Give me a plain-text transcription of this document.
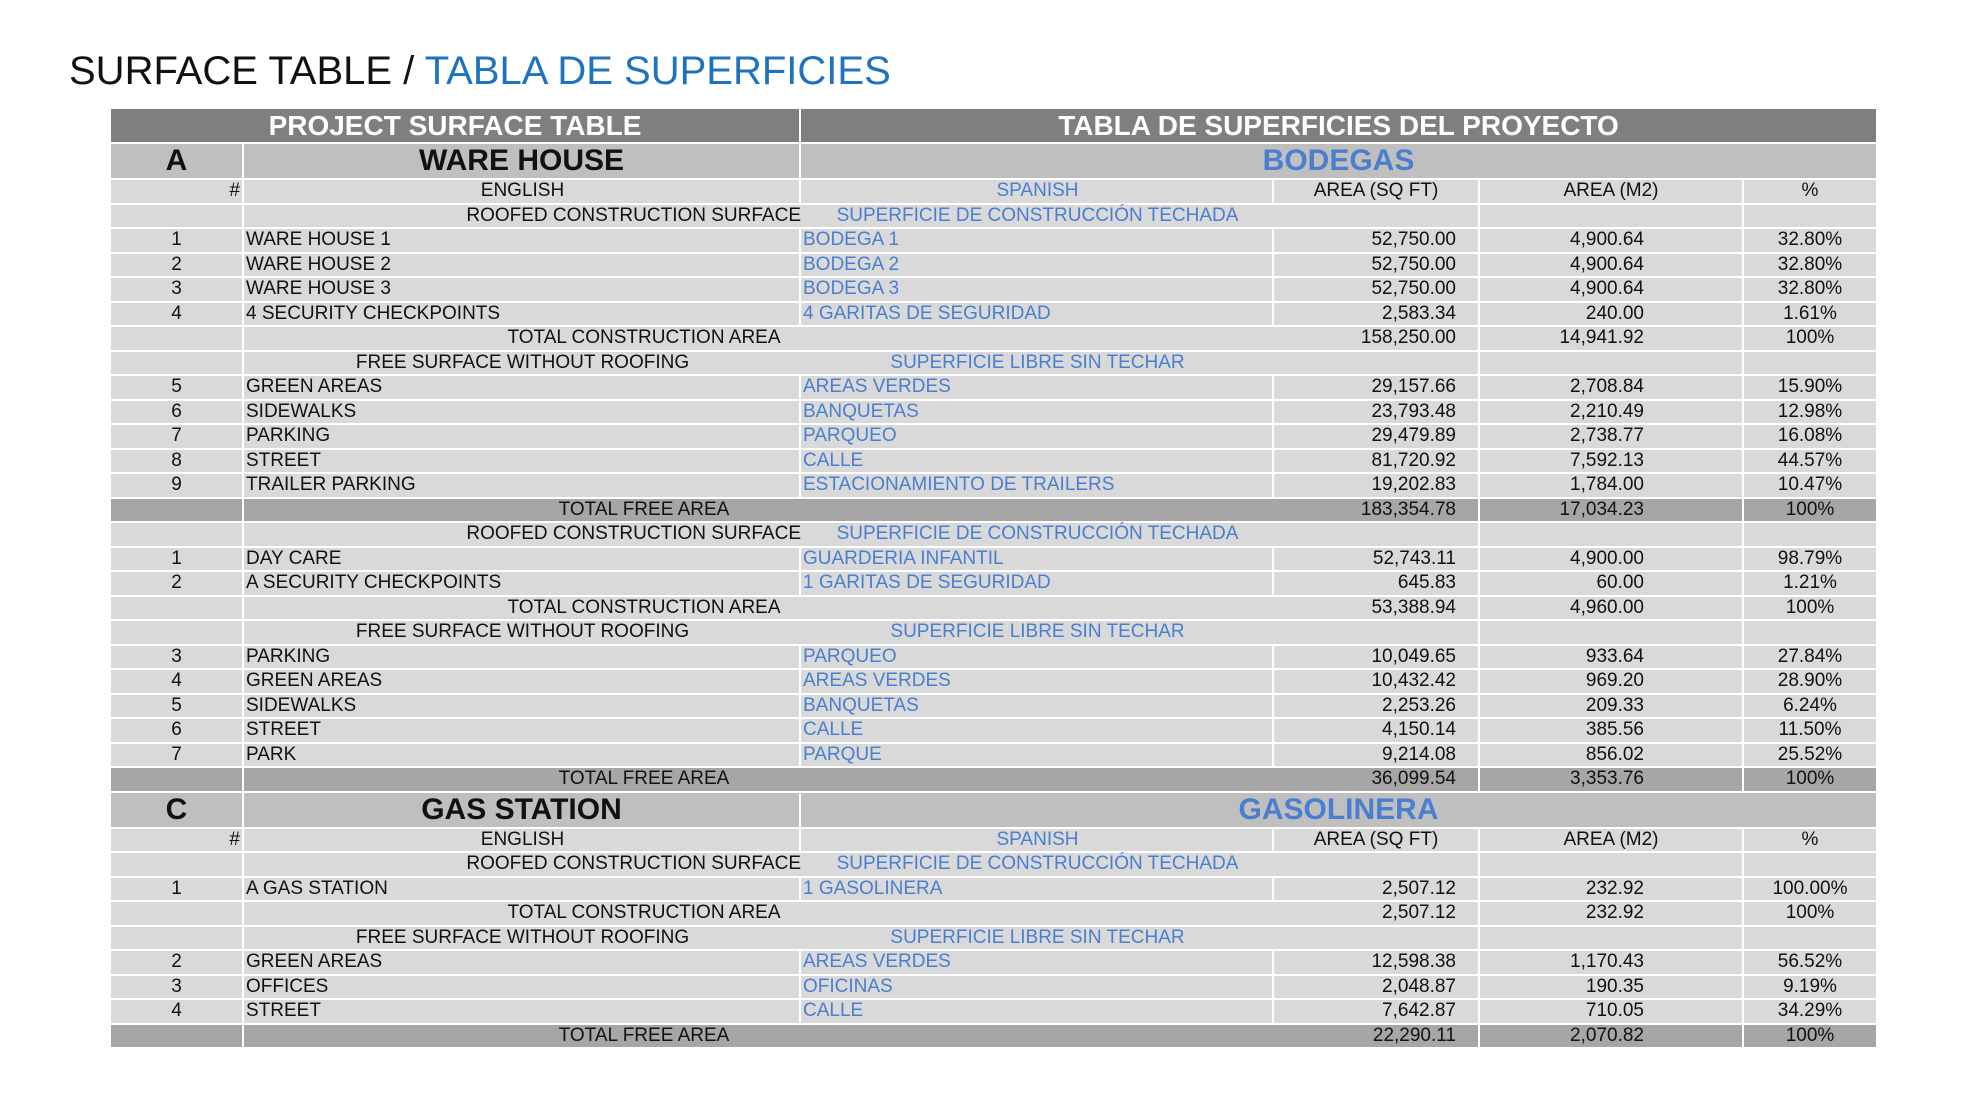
SURFACE TABLE / TABLA DE SUPERFICIES
PROJECT SURFACE TABLE	TABLA DE SUPERFICIES DEL PROYECTO
A	WARE HOUSE	BODEGAS
#	ENGLISH	SPANISH	AREA (SQ FT)	AREA (M2)	%
ROOFED CONSTRUCTION SURFACE	SUPERFICIE DE CONSTRUCCIÓN TECHADA
1	WARE HOUSE 1	BODEGA 1	52,750.00	4,900.64	32.80%
2	WARE HOUSE 2	BODEGA 2	52,750.00	4,900.64	32.80%
3	WARE HOUSE 3	BODEGA 3	52,750.00	4,900.64	32.80%
4	4 SECURITY CHECKPOINTS	4 GARITAS DE SEGURIDAD	2,583.34	240.00	1.61%
TOTAL CONSTRUCTION AREA	158,250.00	14,941.92	100%
FREE SURFACE WITHOUT ROOFING	SUPERFICIE LIBRE SIN TECHAR
5	GREEN AREAS	AREAS VERDES	29,157.66	2,708.84	15.90%
6	SIDEWALKS	BANQUETAS	23,793.48	2,210.49	12.98%
7	PARKING	PARQUEO	29,479.89	2,738.77	16.08%
8	STREET	CALLE	81,720.92	7,592.13	44.57%
9	TRAILER PARKING	ESTACIONAMIENTO DE TRAILERS	19,202.83	1,784.00	10.47%
TOTAL FREE AREA	183,354.78	17,034.23	100%
ROOFED CONSTRUCTION SURFACE	SUPERFICIE DE CONSTRUCCIÓN TECHADA
1	DAY CARE	GUARDERIA INFANTIL	52,743.11	4,900.00	98.79%
2	A SECURITY CHECKPOINTS	1 GARITAS DE SEGURIDAD	645.83	60.00	1.21%
TOTAL CONSTRUCTION AREA	53,388.94	4,960.00	100%
FREE SURFACE WITHOUT ROOFING	SUPERFICIE LIBRE SIN TECHAR
3	PARKING	PARQUEO	10,049.65	933.64	27.84%
4	GREEN AREAS	AREAS VERDES	10,432.42	969.20	28.90%
5	SIDEWALKS	BANQUETAS	2,253.26	209.33	6.24%
6	STREET	CALLE	4,150.14	385.56	11.50%
7	PARK	PARQUE	9,214.08	856.02	25.52%
TOTAL FREE AREA	36,099.54	3,353.76	100%
C	GAS STATION	GASOLINERA
#	ENGLISH	SPANISH	AREA (SQ FT)	AREA (M2)	%
ROOFED CONSTRUCTION SURFACE	SUPERFICIE DE CONSTRUCCIÓN TECHADA
1	A GAS STATION	1 GASOLINERA	2,507.12	232.92	100.00%
TOTAL CONSTRUCTION AREA	2,507.12	232.92	100%
FREE SURFACE WITHOUT ROOFING	SUPERFICIE LIBRE SIN TECHAR
2	GREEN AREAS	AREAS VERDES	12,598.38	1,170.43	56.52%
3	OFFICES	OFICINAS	2,048.87	190.35	9.19%
4	STREET	CALLE	7,642.87	710.05	34.29%
TOTAL FREE AREA	22,290.11	2,070.82	100%
